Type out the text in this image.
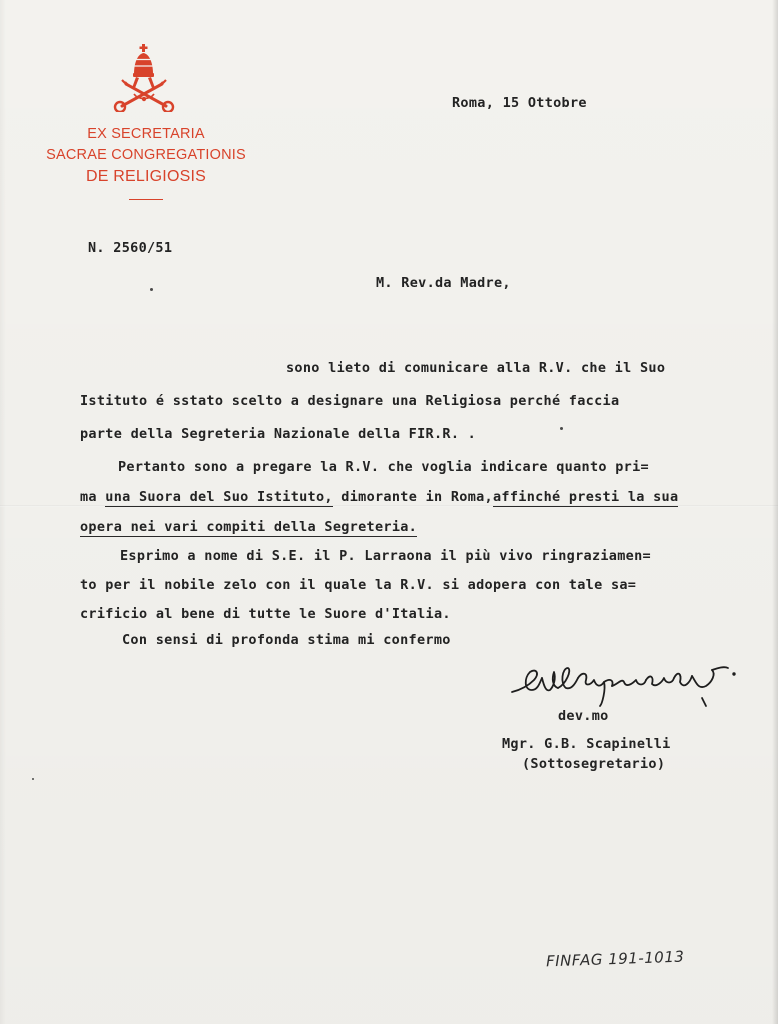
EX SECRETARIA
SACRAE CONGREGATIONIS
DE RELIGIOSIS
Roma, 15 Ottobre
N. 2560/51
M. Rev.da Madre,
sono lieto di comunicare alla R.V. che il Suo
Istituto é sstato scelto a designare una Religiosa perché faccia
parte della Segreteria Nazionale della FIR.R. .
Pertanto sono a pregare la R.V. che voglia indicare quanto pri=
ma una Suora del Suo Istituto, dimorante in Roma,affinché presti la sua
opera nei vari compiti della Segreteria.
Esprimo a nome di S.E. il P. Larraona il più vivo ringraziamen=
to per il nobile zelo con il quale la R.V. si adopera con tale sa=
crificio al bene di tutte le Suore d'Italia.
Con sensi di profonda stima mi confermo
dev.mo
Mgr. G.B. Scapinelli
(Sottosegretario)
FINFAG 191-1013
